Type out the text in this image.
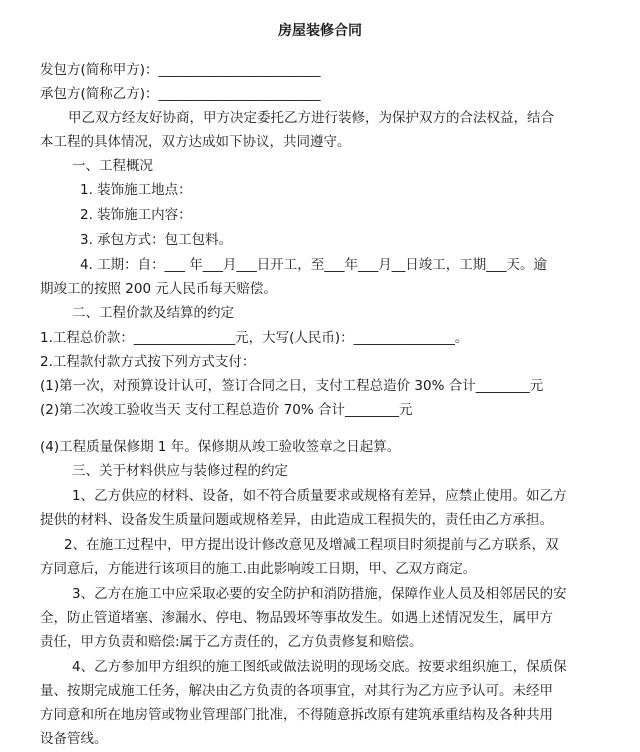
房屋装修合同
发包方(简称甲方)：________________________
承包方(简称乙方)：________________________
甲乙双方经友好协商，甲方决定委托乙方进行装修，为保护双方的合法权益，结合
本工程的具体情况，双方达成如下协议，共同遵守。
一、工程概况
1. 装饰施工地点：
2. 装饰施工内容：
3. 承包方式：包工包料。
4. 工期：自：___ 年___月___日开工，至___年___月__日竣工，工期___天。逾
期竣工的按照 200 元人民币每天赔偿。
二、工程价款及结算的约定
1.工程总价款：_______________元，大写(人民币)：_______________。
2.工程款付款方式按下列方式支付：
(1)第一次，对预算设计认可，签订合同之日，支付工程总造价 30% 合计________元
(2)第二次竣工验收当天 支付工程总造价 70% 合计________元
(4)工程质量保修期 1 年。保修期从竣工验收签章之日起算。
三、关于材料供应与装修过程的约定
1、乙方供应的材料、设备，如不符合质量要求或规格有差异，应禁止使用。如乙方
提供的材料、设备发生质量问题或规格差异，由此造成工程损失的，责任由乙方承担。
2、在施工过程中，甲方提出设计修改意见及增减工程项目时须提前与乙方联系，双
方同意后，方能进行该项目的施工.由此影响竣工日期，甲、乙双方商定。
3、乙方在施工中应采取必要的安全防护和消防措施，保障作业人员及相邻居民的安
全，防止管道堵塞、渗漏水、停电、物品毁坏等事故发生。如遇上述情况发生，属甲方
责任，甲方负责和赔偿:属于乙方责任的，乙方负责修复和赔偿。
4、乙方参加甲方组织的施工图纸或做法说明的现场交底。按要求组织施工，保质保
量、按期完成施工任务，解决由乙方负责的各项事宜，对其行为乙方应予认可。未经甲
方同意和所在地房管或物业管理部门批准，不得随意拆改原有建筑承重结构及各种共用
设备管线。
